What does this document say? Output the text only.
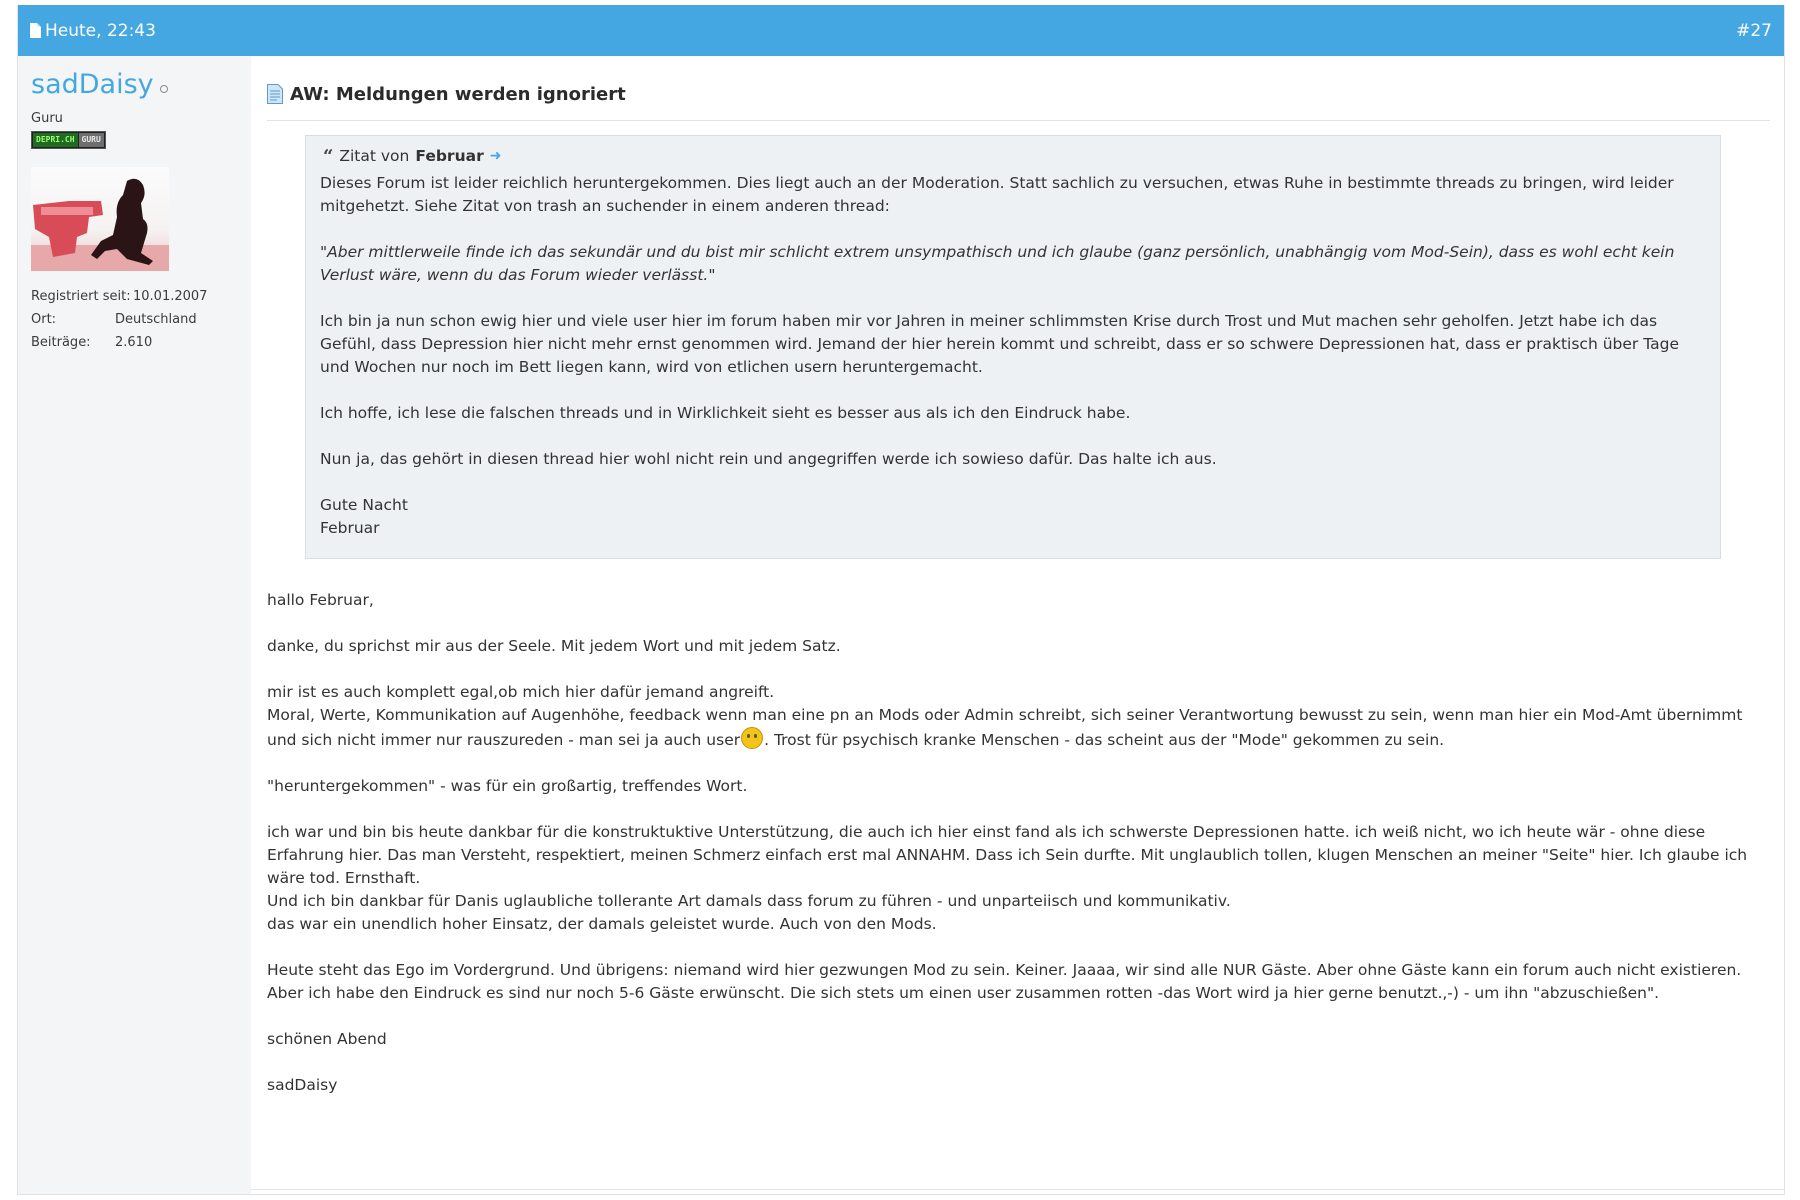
Heute, 22:43	#27
sadDaisy
Guru
DEPRI.CH GURU
Registriert seit: 10.01.2007
Ort:	Deutschland
Beiträge:	2.610
AW: Meldungen werden ignoriert
“ Zitat von Februar ➜

Dieses Forum ist leider reichlich heruntergekommen. Dies liegt auch an der Moderation. Statt sachlich zu versuchen, etwas Ruhe in bestimmte threads zu bringen, wird leider mitgehetzt. Siehe Zitat von trash an suchender in einem anderen thread:

"Aber mittlerweile finde ich das sekundär und du bist mir schlicht extrem unsympathisch und ich glaube (ganz persönlich, unabhängig vom Mod-Sein), dass es wohl echt kein Verlust wäre, wenn du das Forum wieder verlässt."

Ich bin ja nun schon ewig hier und viele user hier im forum haben mir vor Jahren in meiner schlimmsten Krise durch Trost und Mut machen sehr geholfen. Jetzt habe ich das Gefühl, dass Depression hier nicht mehr ernst genommen wird. Jemand der hier herein kommt und schreibt, dass er so schwere Depressionen hat, dass er praktisch über Tage und Wochen nur noch im Bett liegen kann, wird von etlichen usern heruntergemacht.

Ich hoffe, ich lese die falschen threads und in Wirklichkeit sieht es besser aus als ich den Eindruck habe.

Nun ja, das gehört in diesen thread hier wohl nicht rein und angegriffen werde ich sowieso dafür. Das halte ich aus.

Gute Nacht
Februar

hallo Februar,

danke, du sprichst mir aus der Seele. Mit jedem Wort und mit jedem Satz.

mir ist es auch komplett egal,ob mich hier dafür jemand angreift.
Moral, Werte, Kommunikation auf Augenhöhe, feedback wenn man eine pn an Mods oder Admin schreibt, sich seiner Verantwortung bewusst zu sein, wenn man hier ein Mod-Amt übernimmt und sich nicht immer nur rauszureden - man sei ja auch user . Trost für psychisch kranke Menschen - das scheint aus der "Mode" gekommen zu sein.

"heruntergekommen" - was für ein großartig, treffendes Wort.

ich war und bin bis heute dankbar für die konstruktuktive Unterstützung, die auch ich hier einst fand als ich schwerste Depressionen hatte. ich weiß nicht, wo ich heute wär - ohne diese Erfahrung hier. Das man Versteht, respektiert, meinen Schmerz einfach erst mal ANNAHM. Dass ich Sein durfte. Mit unglaublich tollen, klugen Menschen an meiner "Seite" hier. Ich glaube ich wäre tod. Ernsthaft.
Und ich bin dankbar für Danis uglaubliche tollerante Art damals dass forum zu führen - und unparteiisch und kommunikativ.
das war ein unendlich hoher Einsatz, der damals geleistet wurde. Auch von den Mods.

Heute steht das Ego im Vordergrund. Und übrigens: niemand wird hier gezwungen Mod zu sein. Keiner. Jaaaa, wir sind alle NUR Gäste. Aber ohne Gäste kann ein forum auch nicht existieren. Aber ich habe den Eindruck es sind nur noch 5-6 Gäste erwünscht. Die sich stets um einen user zusammen rotten -das Wort wird ja hier gerne benutzt.,-) - um ihn "abzuschießen".

schönen Abend

sadDaisy
